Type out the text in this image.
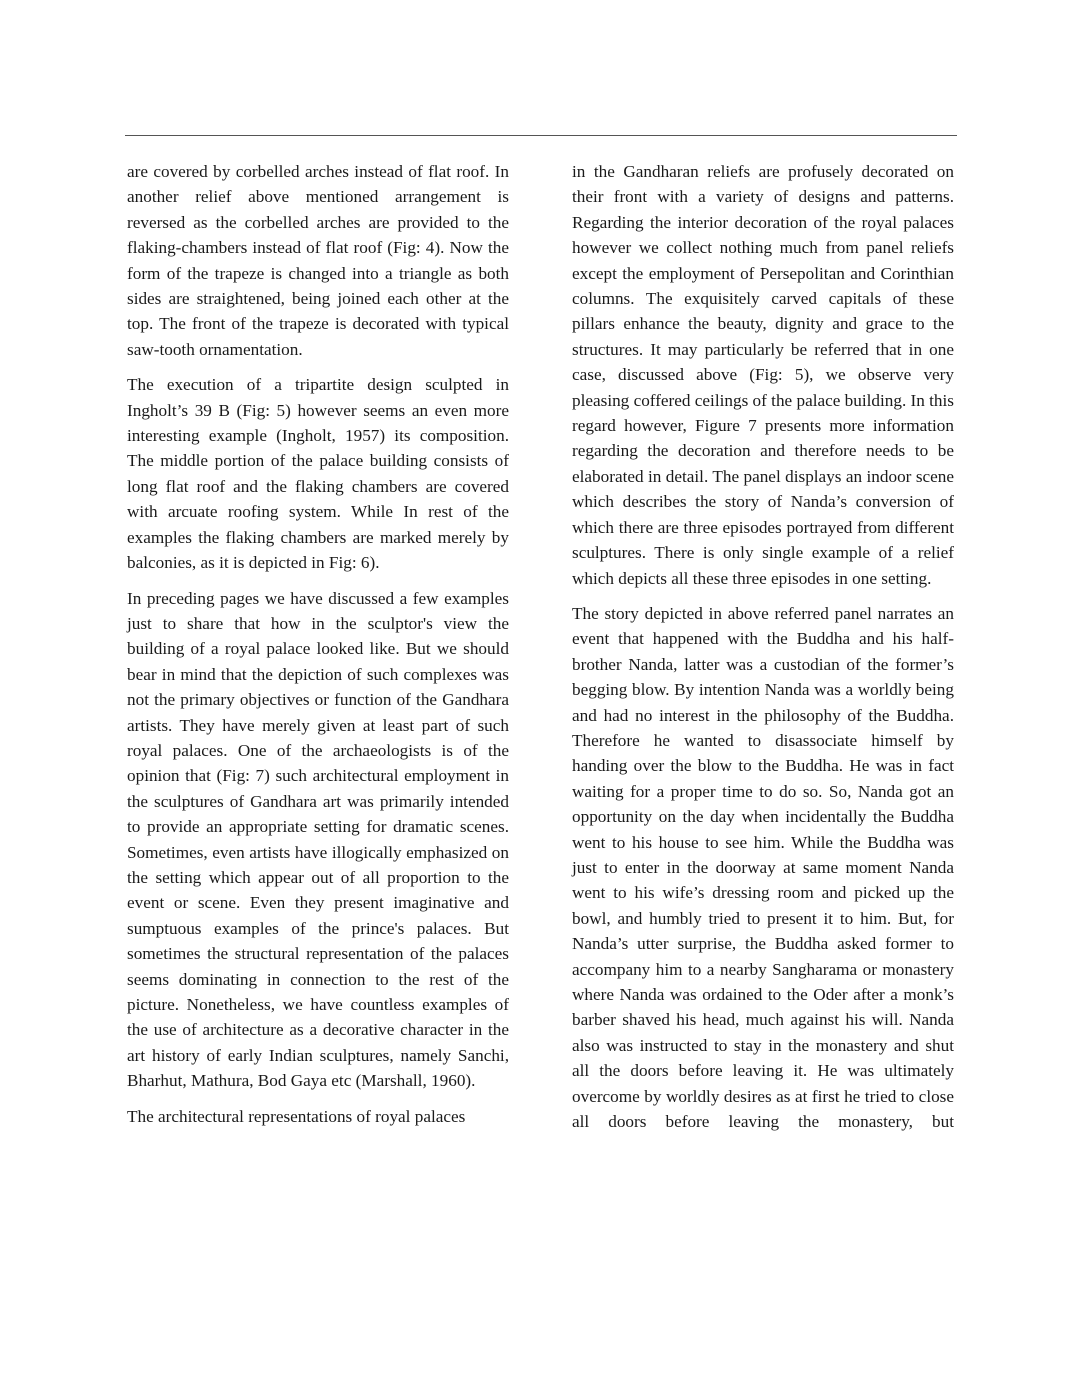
are covered by corbelled arches instead of flat roof. In another relief above mentioned arrangement is reversed as the corbelled arches are provided to the flaking-chambers instead of flat roof (Fig: 4). Now the form of the trapeze is changed into a triangle as both sides are straightened, being joined each other at the top. The front of the trapeze is decorated with typical saw-tooth ornamentation.

The execution of a tripartite design sculpted in Ingholt’s 39 B (Fig: 5) however seems an even more interesting example (Ingholt, 1957) its composition. The middle portion of the palace building consists of long flat roof and the flaking chambers are covered with arcuate roofing system. While In rest of the examples the flaking chambers are marked merely by balconies, as it is depicted in Fig: 6).

In preceding pages we have discussed a few examples just to share that how in the sculptor's view the building of a royal palace looked like. But we should bear in mind that the depiction of such complexes was not the primary objectives or function of the Gandhara artists. They have merely given at least part of such royal palaces. One of the archaeologists is of the opinion that (Fig: 7) such architectural employment in the sculptures of Gandhara art was primarily intended to provide an appropriate setting for dramatic scenes. Sometimes, even artists have illogically emphasized on the setting which appear out of all proportion to the event or scene. Even they present imaginative and sumptuous examples of the prince's palaces. But sometimes the structural representation of the palaces seems dominating in connection to the rest of the picture. Nonetheless, we have countless examples of the use of architecture as a decorative character in the art history of early Indian sculptures, namely Sanchi, Bharhut, Mathura, Bod Gaya etc (Marshall, 1960).

The architectural representations of royal palaces

in the Gandharan reliefs are profusely decorated on their front with a variety of designs and patterns. Regarding the interior decoration of the royal palaces however we collect nothing much from panel reliefs except the employment of Persepolitan and Corinthian columns. The exquisitely carved capitals of these pillars enhance the beauty, dignity and grace to the structures. It may particularly be referred that in one case, discussed above (Fig: 5), we observe very pleasing coffered ceilings of the palace building. In this regard however, Figure 7 presents more information regarding the decoration and therefore needs to be elaborated in detail. The panel displays an indoor scene which describes the story of Nanda’s conversion of which there are three episodes portrayed from different sculptures. There is only single example of a relief which depicts all these three episodes in one setting.

The story depicted in above referred panel narrates an event that happened with the Buddha and his half-brother Nanda, latter was a custodian of the former’s begging blow. By intention Nanda was a worldly being and had no interest in the philosophy of the Buddha. Therefore he wanted to disassociate himself by handing over the blow to the Buddha. He was in fact waiting for a proper time to do so. So, Nanda got an opportunity on the day when incidentally the Buddha went to his house to see him. While the Buddha was just to enter in the doorway at same moment Nanda went to his wife’s dressing room and picked up the bowl, and humbly tried to present it to him. But, for Nanda’s utter surprise, the Buddha asked former to accompany him to a nearby Sangharama or monastery where Nanda was ordained to the Oder after a monk’s barber shaved his head, much against his will. Nanda also was instructed to stay in the monastery and shut all the doors before leaving it. He was ultimately overcome by worldly desires as at first he tried to close all doors before leaving the monastery, but
